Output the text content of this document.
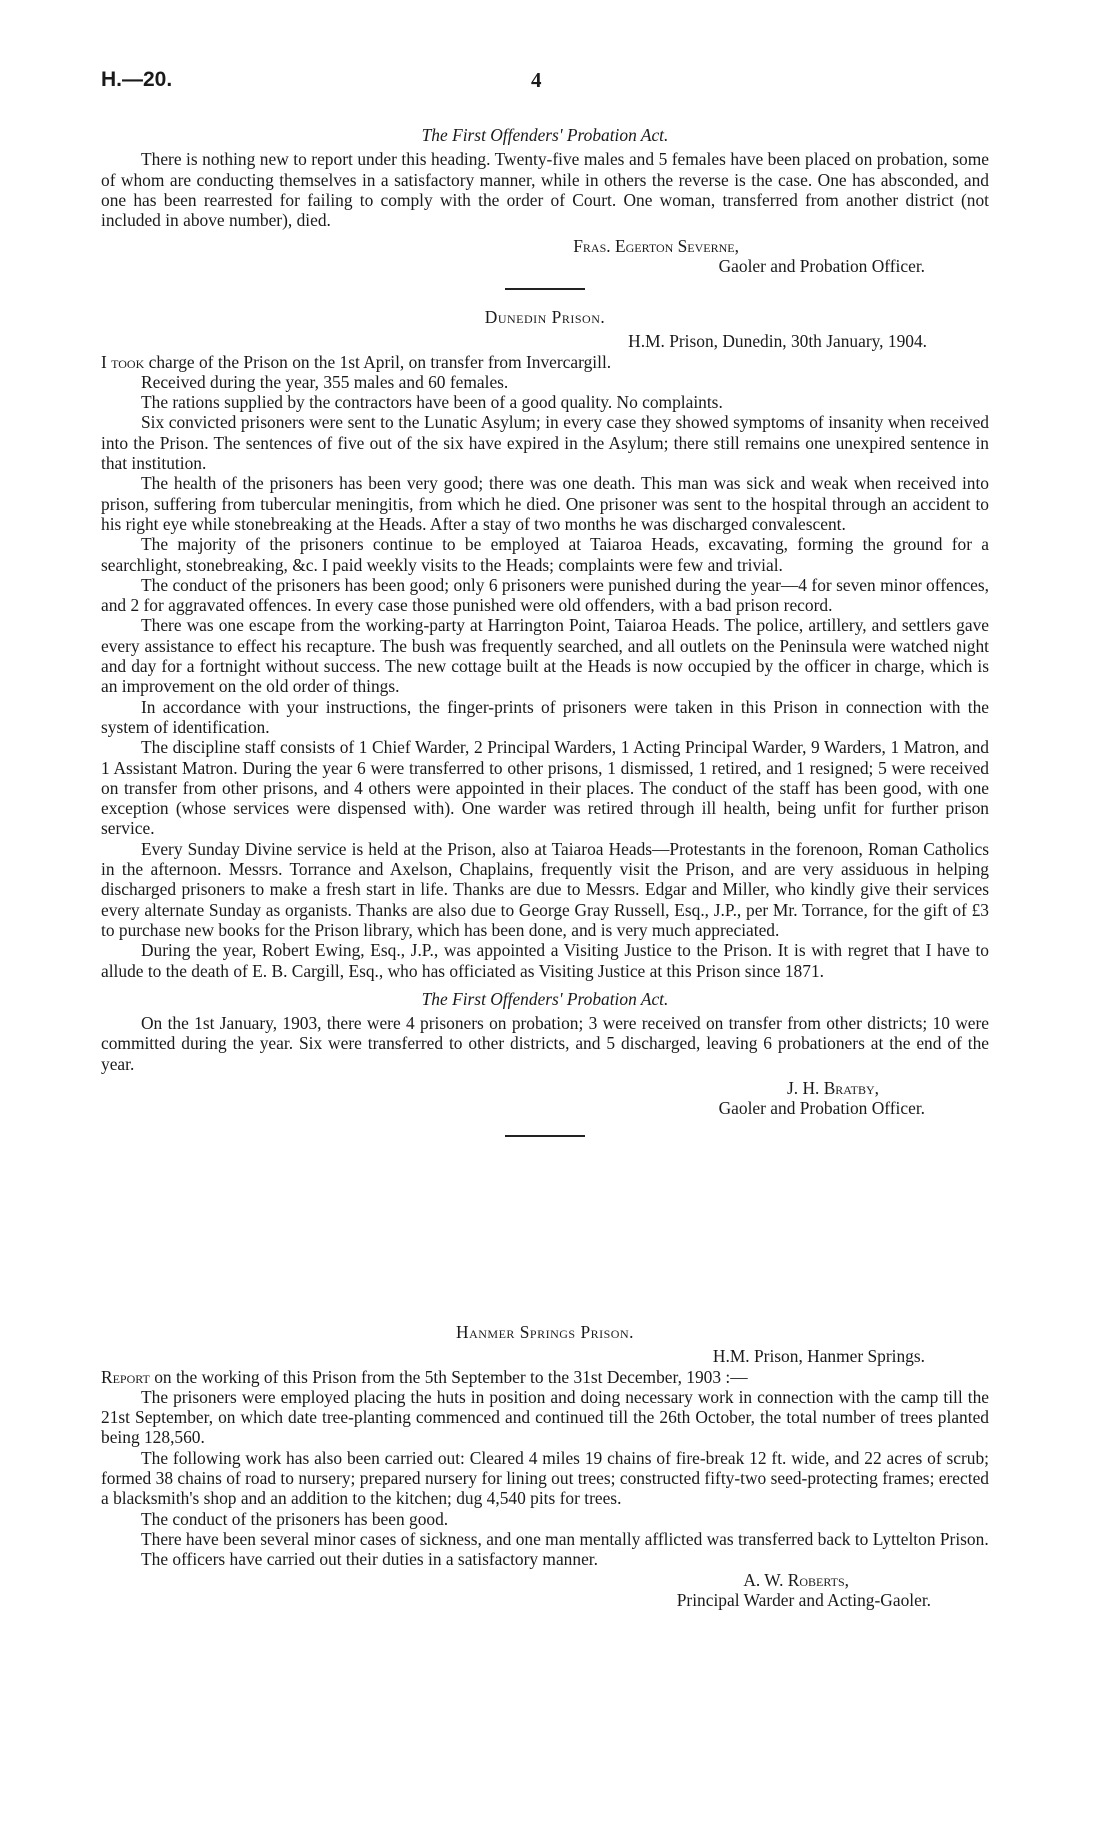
H.—20.	4
The First Offenders' Probation Act.

There is nothing new to report under this heading. Twenty-five males and 5 females have been placed on probation, some of whom are conducting themselves in a satisfactory manner, while in others the reverse is the case. One has absconded, and one has been rearrested for failing to comply with the order of Court. One woman, transferred from another district (not included in above number), died.

Fras. Egerton Severne,
Gaoler and Probation Officer.
Dunedin Prison.
H.M. Prison, Dunedin, 30th January, 1904.

I took charge of the Prison on the 1st April, on transfer from Invercargill.

Received during the year, 355 males and 60 females.

The rations supplied by the contractors have been of a good quality. No complaints.

Six convicted prisoners were sent to the Lunatic Asylum; in every case they showed symptoms of insanity when received into the Prison. The sentences of five out of the six have expired in the Asylum; there still remains one unexpired sentence in that institution.

The health of the prisoners has been very good; there was one death. This man was sick and weak when received into prison, suffering from tubercular meningitis, from which he died. One prisoner was sent to the hospital through an accident to his right eye while stonebreaking at the Heads. After a stay of two months he was discharged convalescent.

The majority of the prisoners continue to be employed at Taiaroa Heads, excavating, forming the ground for a searchlight, stonebreaking, &c. I paid weekly visits to the Heads; complaints were few and trivial.

The conduct of the prisoners has been good; only 6 prisoners were punished during the year—4 for seven minor offences, and 2 for aggravated offences. In every case those punished were old offenders, with a bad prison record.

There was one escape from the working-party at Harrington Point, Taiaroa Heads. The police, artillery, and settlers gave every assistance to effect his recapture. The bush was frequently searched, and all outlets on the Peninsula were watched night and day for a fortnight without success. The new cottage built at the Heads is now occupied by the officer in charge, which is an improvement on the old order of things.

In accordance with your instructions, the finger-prints of prisoners were taken in this Prison in connection with the system of identification.

The discipline staff consists of 1 Chief Warder, 2 Principal Warders, 1 Acting Principal Warder, 9 Warders, 1 Matron, and 1 Assistant Matron. During the year 6 were transferred to other prisons, 1 dismissed, 1 retired, and 1 resigned; 5 were received on transfer from other prisons, and 4 others were appointed in their places. The conduct of the staff has been good, with one exception (whose services were dispensed with). One warder was retired through ill health, being unfit for further prison service.

Every Sunday Divine service is held at the Prison, also at Taiaroa Heads—Protestants in the forenoon, Roman Catholics in the afternoon. Messrs. Torrance and Axelson, Chaplains, frequently visit the Prison, and are very assiduous in helping discharged prisoners to make a fresh start in life. Thanks are due to Messrs. Edgar and Miller, who kindly give their services every alternate Sunday as organists. Thanks are also due to George Gray Russell, Esq., J.P., per Mr. Torrance, for the gift of £3 to purchase new books for the Prison library, which has been done, and is very much appreciated.

During the year, Robert Ewing, Esq., J.P., was appointed a Visiting Justice to the Prison. It is with regret that I have to allude to the death of E. B. Cargill, Esq., who has officiated as Visiting Justice at this Prison since 1871.

The First Offenders' Probation Act.

On the 1st January, 1903, there were 4 prisoners on probation; 3 were received on transfer from other districts; 10 were committed during the year. Six were transferred to other districts, and 5 discharged, leaving 6 probationers at the end of the year.

J. H. Bratby,
Gaoler and Probation Officer.
Hanmer Springs Prison.
H.M. Prison, Hanmer Springs.

Report on the working of this Prison from the 5th September to the 31st December, 1903 :—

The prisoners were employed placing the huts in position and doing necessary work in connection with the camp till the 21st September, on which date tree-planting commenced and continued till the 26th October, the total number of trees planted being 128,560.

The following work has also been carried out: Cleared 4 miles 19 chains of fire-break 12 ft. wide, and 22 acres of scrub; formed 38 chains of road to nursery; prepared nursery for lining out trees; constructed fifty-two seed-protecting frames; erected a blacksmith's shop and an addition to the kitchen; dug 4,540 pits for trees.

The conduct of the prisoners has been good.

There have been several minor cases of sickness, and one man mentally afflicted was transferred back to Lyttelton Prison.

The officers have carried out their duties in a satisfactory manner.

A. W. Roberts,
Principal Warder and Acting-Gaoler.
